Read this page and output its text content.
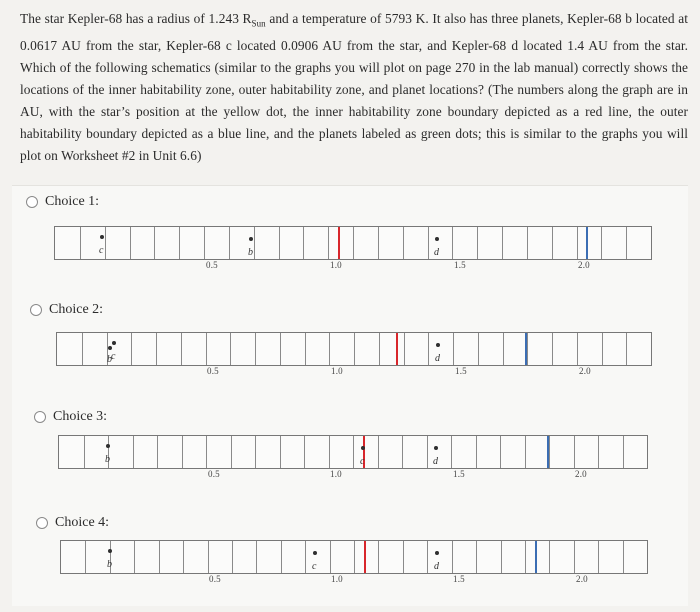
The star Kepler-68 has a radius of 1.243 $R_{Sun}$ and a temperature of 5793 K. It also has three planets, Kepler-68 b located at 0.0617 AU from the star, Kepler-68 c located 0.0906 AU from the star, and Kepler-68 d located 1.4 AU from the star. Which of the following schematics (similar to the graphs you will plot on page 270 in the lab manual) correctly shows the locations of the inner habitability zone, outer habitability zone, and planet locations? (The numbers along the graph are in AU, with the star’s position at the yellow dot, the inner habitability zone boundary depicted as a red line, the outer habitability boundary depicted as a blue line, and the planets labeled as green dots; this is similar to the graphs you will plot on Worksheet #2 in Unit 6.6)
Choice 1:
c	b	d
0.5	1.0	1.5	2.0
Choice 2:
c
b	d
0.5	1.0	1.5	2.0
Choice 3:
b	c	d
0.5	1.0	1.5	2.0
Choice 4:
b	c	d
0.5	1.0	1.5	2.0
